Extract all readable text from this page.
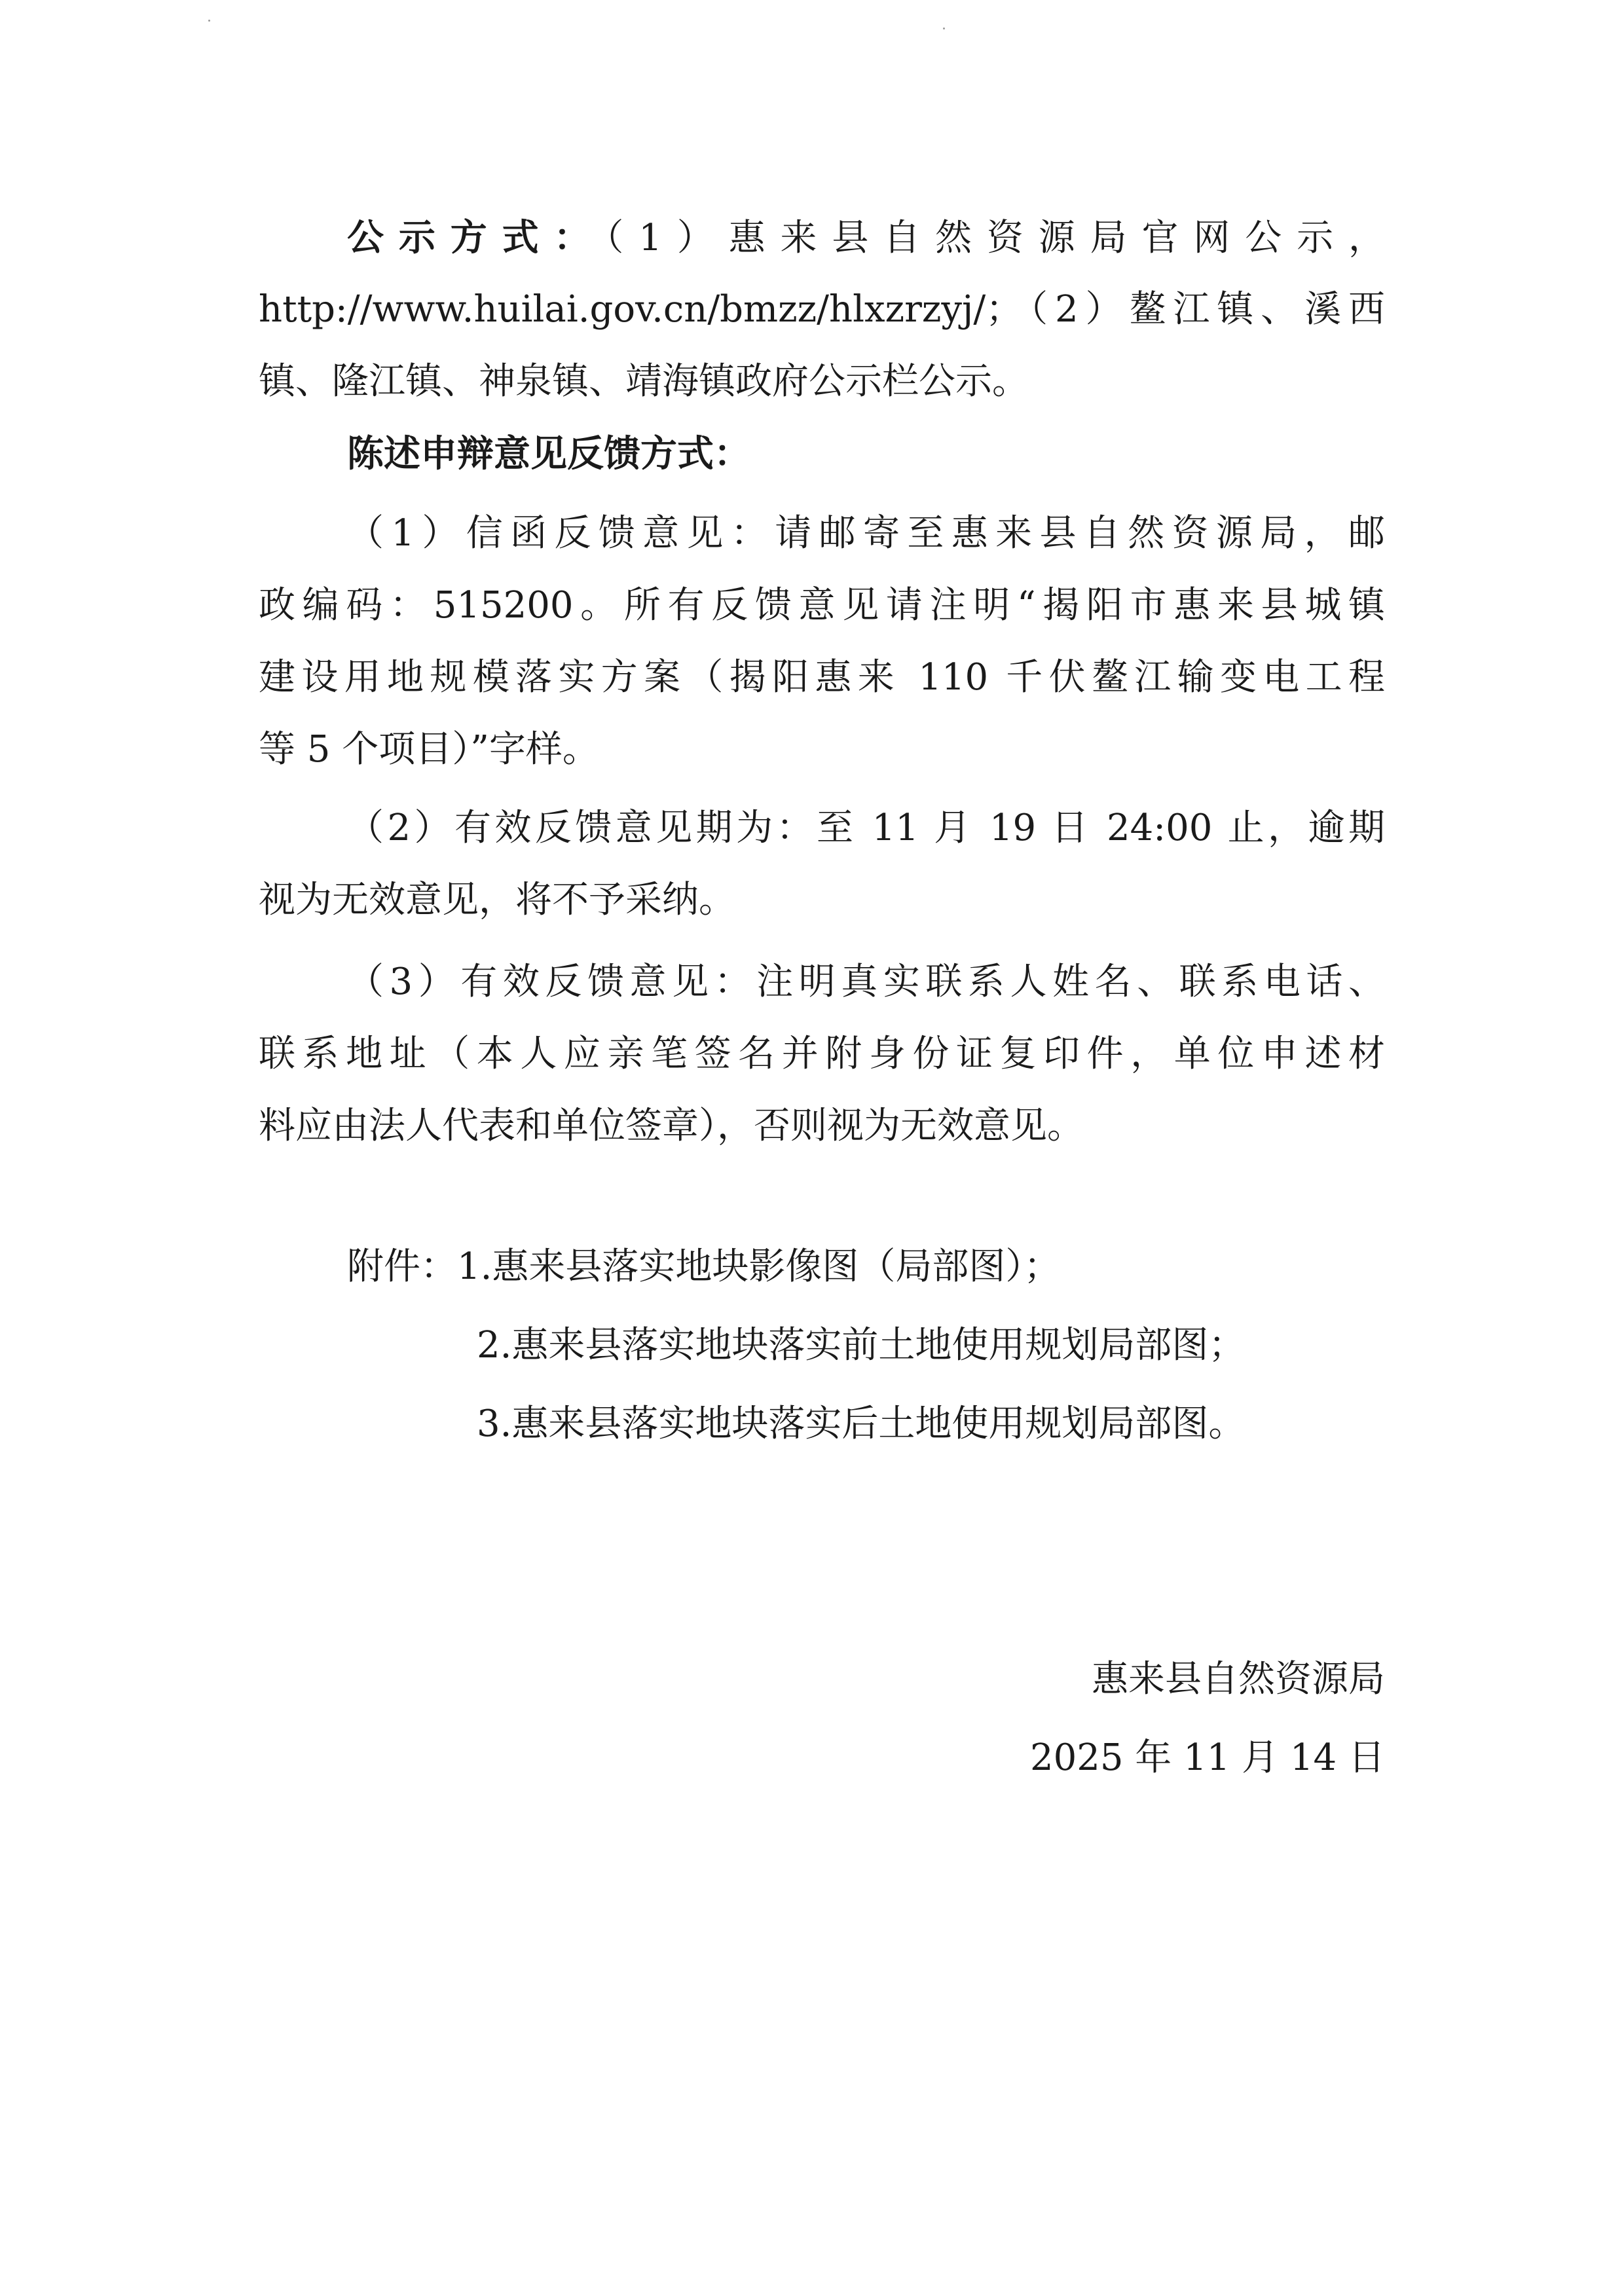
公示方式：（1）惠来县自然资源局官网公示，
http://www.huilai.gov.cn/bmzz/hlxzrzyj/；（2）鳌江镇、溪西
镇、隆江镇、神泉镇、靖海镇政府公示栏公示。
陈述申辩意见反馈方式：
（1）信函反馈意见：请邮寄至惠来县自然资源局，邮
政编码：515200。所有反馈意见请注明“揭阳市惠来县城镇
建设用地规模落实方案（揭阳惠来 110 千伏鳌江输变电工程
等 5 个项目）”字样。
（2）有效反馈意见期为：至 11 月 19 日 24:00 止，逾期
视为无效意见，将不予采纳。
（3）有效反馈意见：注明真实联系人姓名、联系电话、
联系地址（本人应亲笔签名并附身份证复印件，单位申述材
料应由法人代表和单位签章），否则视为无效意见。
附件：1.惠来县落实地块影像图（局部图）；
2.惠来县落实地块落实前土地使用规划局部图；
3.惠来县落实地块落实后土地使用规划局部图。
惠来县自然资源局
2025 年 11 月 14 日
